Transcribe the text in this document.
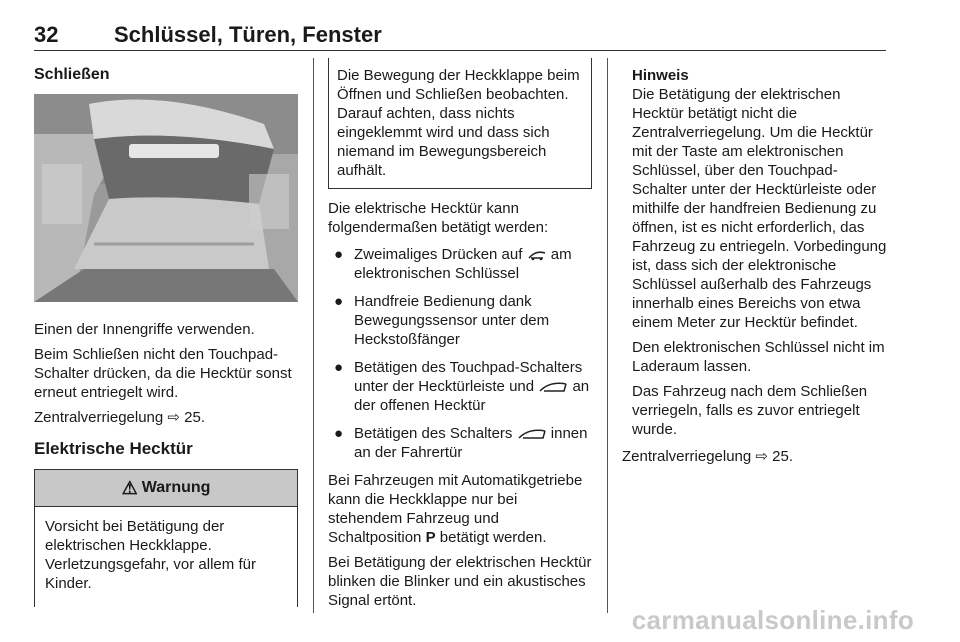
32	Schlüssel, Türen, Fenster
Schließen

Einen der Innengriffe verwenden.

Beim Schließen nicht den Touchpad-Schalter drücken, da die Hecktür sonst erneut entriegelt wird.

Zentralverriegelung ⇨ 25.

Elektrische Hecktür
⚠ Warnung

Vorsicht bei Betätigung der elektrischen Heckklappe. Verletzungsgefahr, vor allem für Kinder.

Die Bewegung der Heckklappe beim Öffnen und Schließen beobachten. Darauf achten, dass nichts eingeklemmt wird und dass sich niemand im Bewegungsbereich aufhält.

Die elektrische Hecktür kann folgendermaßen betätigt werden:

● Zweimaliges Drücken auf am elektronischen Schlüssel
● Handfreie Bedienung dank Bewegungssensor unter dem Heckstoßfänger
● Betätigen des Touchpad-Schalters unter der Hecktürleiste und	an der offenen Hecktür
● Betätigen des Schalters	innen an der Fahrertür

Bei Fahrzeugen mit Automatikgetriebe kann die Heckklappe nur bei stehendem Fahrzeug und Schaltposition P betätigt werden.

Bei Betätigung der elektrischen Hecktür blinken die Blinker und ein akustisches Signal ertönt.

Hinweis

Die Betätigung der elektrischen Hecktür betätigt nicht die Zentralverriegelung. Um die Hecktür mit der Taste am elektronischen Schlüssel, über den Touchpad-Schalter unter der Hecktürleiste oder mithilfe der handfreien Bedienung zu öffnen, ist es nicht erforderlich, das Fahrzeug zu entriegeln. Vorbedingung ist, dass sich der elektronische Schlüssel außerhalb des Fahrzeugs innerhalb eines Bereichs von etwa einem Meter zur Hecktür befindet.

Den elektronischen Schlüssel nicht im Laderaum lassen.

Das Fahrzeug nach dem Schließen verriegeln, falls es zuvor entriegelt wurde.

Zentralverriegelung ⇨ 25.

carmanualsonline.info
